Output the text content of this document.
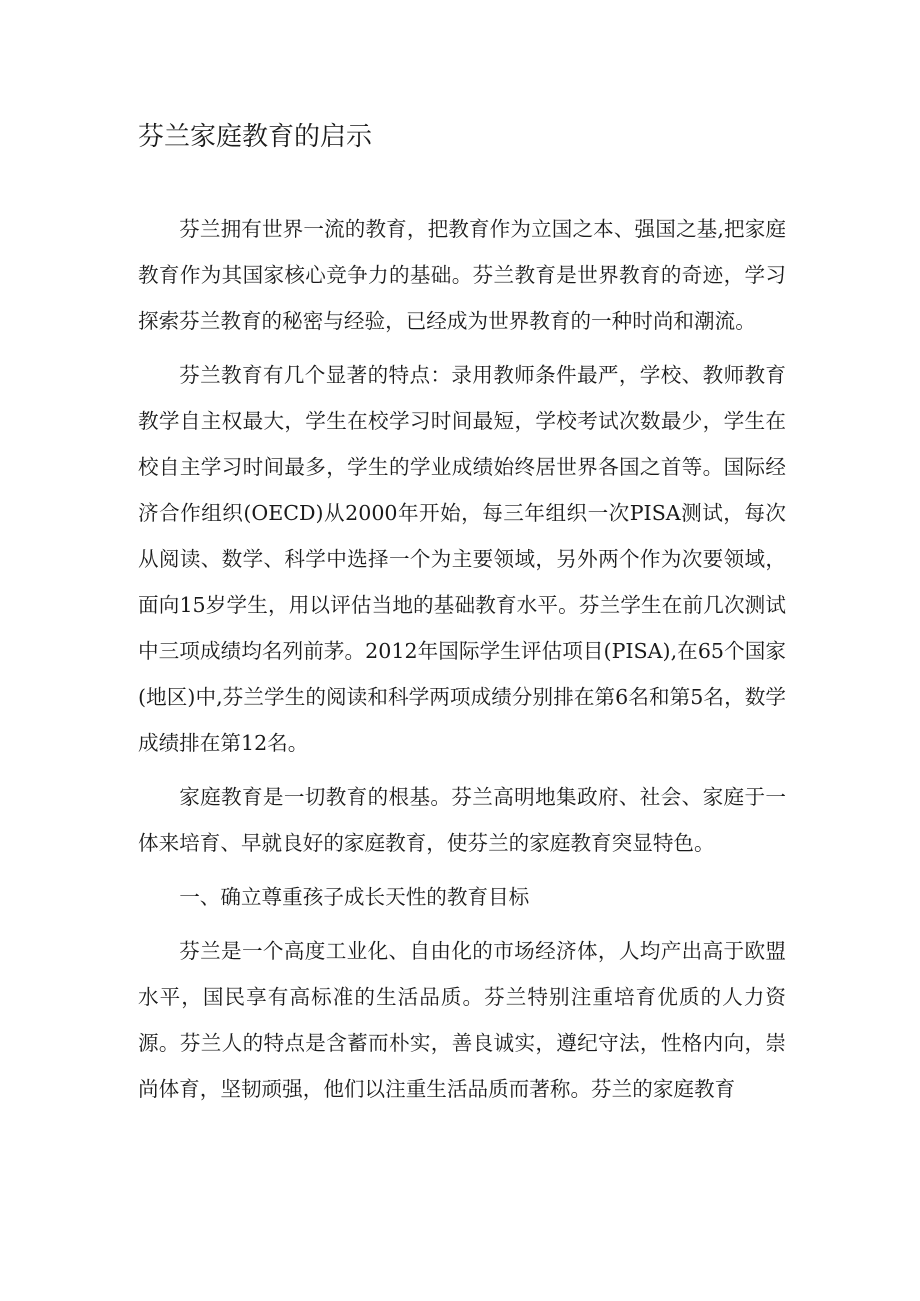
芬兰家庭教育的启示

芬兰拥有世界一流的教育，把教育作为立国之本、强国之基,把家庭教育作为其国家核心竞争力的基础。芬兰教育是世界教育的奇迹，学习探索芬兰教育的秘密与经验，已经成为世界教育的一种时尚和潮流。

芬兰教育有几个显著的特点：录用教师条件最严，学校、教师教育教学自主权最大，学生在校学习时间最短，学校考试次数最少，学生在校自主学习时间最多，学生的学业成绩始终居世界各国之首等。国际经济合作组织(OECD)从2000年开始，每三年组织一次PISA测试，每次从阅读、数学、科学中选择一个为主要领域，另外两个作为次要领域，面向15岁学生，用以评估当地的基础教育水平。芬兰学生在前几次测试中三项成绩均名列前茅。2012年国际学生评估项目(PISA),在65个国家(地区)中,芬兰学生的阅读和科学两项成绩分别排在第6名和第5名，数学成绩排在第12名。

家庭教育是一切教育的根基。芬兰高明地集政府、社会、家庭于一体来培育、早就良好的家庭教育，使芬兰的家庭教育突显特色。

一、确立尊重孩子成长天性的教育目标

芬兰是一个高度工业化、自由化的市场经济体，人均产出高于欧盟水平，国民享有高标准的生活品质。芬兰特别注重培育优质的人力资源。芬兰人的特点是含蓄而朴实，善良诚实，遵纪守法，性格内向，崇尚体育，坚韧顽强，他们以注重生活品质而著称。芬兰的家庭教育
